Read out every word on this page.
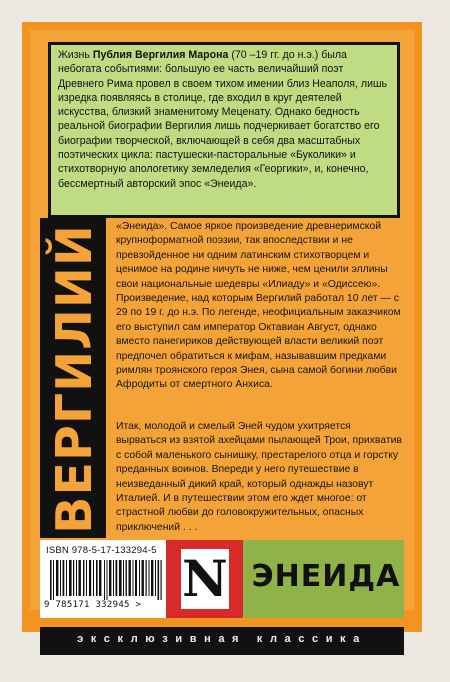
Жизнь Публия Вергилия Марона (70 –19 гг. до н.э.) была небогата событиями: большую ее часть величайший поэт Древнего Рима провел в своем тихом имении близ Неаполя, лишь изредка появляясь в столице, где входил в круг деятелей искусства, близкий знаменитому Меценату. Однако бедность реальной биографии Вергилия лишь подчеркивает богатство его биографии творческой, включающей в себя два масштабных поэтических цикла: пастушески-пасторальные «Буколики» и стихотворную апологетику земледелия «Георгики», и, конечно, бессмертный авторский эпос «Энеида».
ВЕРГИЛИЙ «Энеида». Самое яркое произведение древнеримской крупноформатной поэзии, так впоследствии и не превзойденное ни одним латинским стихотворцем и ценимое на родине ничуть не ниже, чем ценили эллины свои национальные шедевры «Илиаду» и «Одиссею». Произведение, над которым Вергилий работал 10 лет — с 29 по 19 г. до н.э. По легенде, неофициальным заказчиком его выступил сам император Октавиан Август, однако вместо панегириков действующей власти великий поэт предпочел обратиться к мифам, называвшим предками римлян троянского героя Энея, сына самой богини любви Афродиты от смертного Анхиса.
Итак, молодой и смелый Эней чудом ухитряется вырваться из взятой ахейцами пылающей Трои, прихватив с собой маленького сынишку, престарелого отца и горстку преданных воинов. Впереди у него путешествие в неизведанный дикий край, который однажды назовут Италией. И в путешествии этом его ждет многое: от страстной любви до головокружительных, опасных приключений . . .
ISBN 978-5-17-133294-5
9 785171 332945 > N ЭНЕИДА
эксклюзивная классика
